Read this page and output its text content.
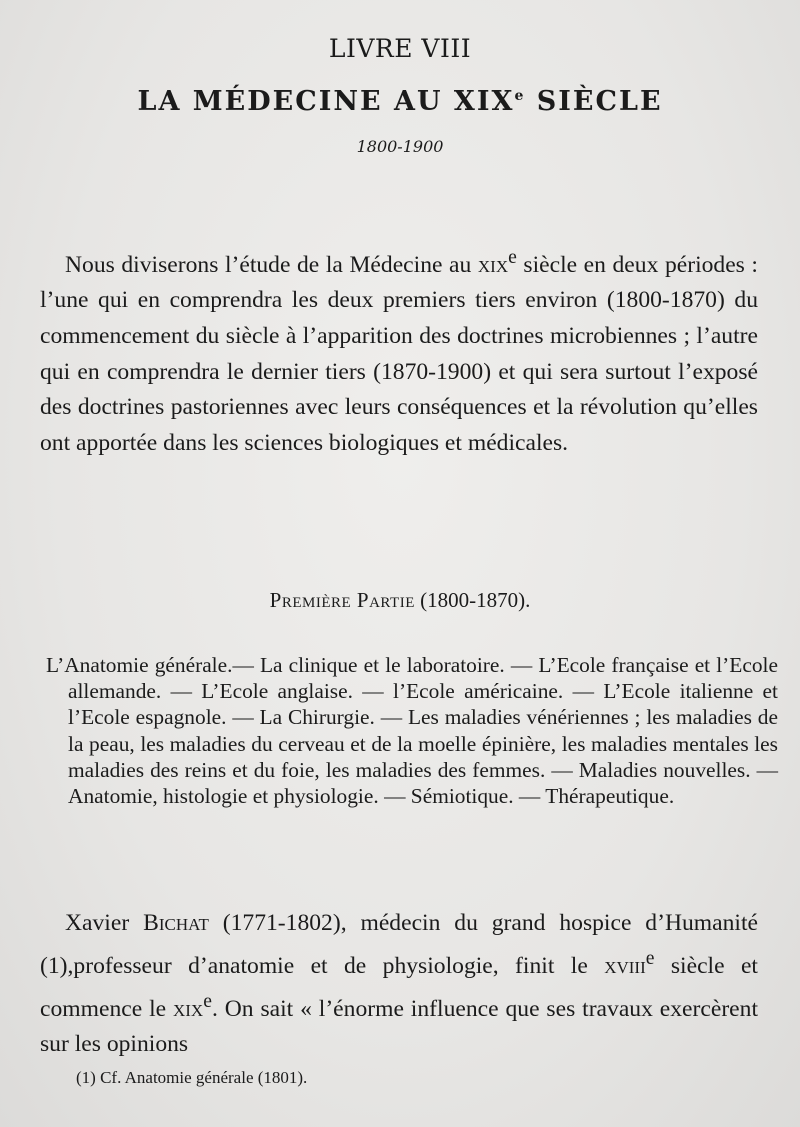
LIVRE VIII
LA MÉDECINE AU XIXe SIÈCLE
1800-1900

Nous diviserons l’étude de la Médecine au xix$^e$ siècle en deux périodes : l’une qui en comprendra les deux premiers tiers environ (1800-1870) du commencement du siècle à l’apparition des doctrines microbiennes ; l’autre qui en comprendra le dernier tiers (1870-1900) et qui sera surtout l’exposé des doctrines pastoriennes avec leurs conséquences et la révolution qu’elles ont apportée dans les sciences biologiques et médicales.

Première Partie (1800-1870).

L’Anatomie générale.— La clinique et le laboratoire. — L’Ecole française et l’Ecole allemande. — L’Ecole anglaise. — l’Ecole américaine. — L’Ecole italienne et l’Ecole espagnole. — La Chirurgie. — Les maladies vénériennes ; les maladies de la peau, les maladies du cerveau et de la moelle épinière, les maladies mentales les maladies des reins et du foie, les maladies des femmes. — Maladies nouvelles. — Anatomie, histologie et physiologie. — Sémiotique. — Thérapeutique.

Xavier Bichat (1771-1802), médecin du grand hospice d’Humanité (1),professeur d’anatomie et de physiologie, finit le xviii$^e$ siècle et commence le xix$^e$. On sait « l’énorme influence que ses travaux exercèrent sur les opinions

(1) Cf. Anatomie générale (1801).
